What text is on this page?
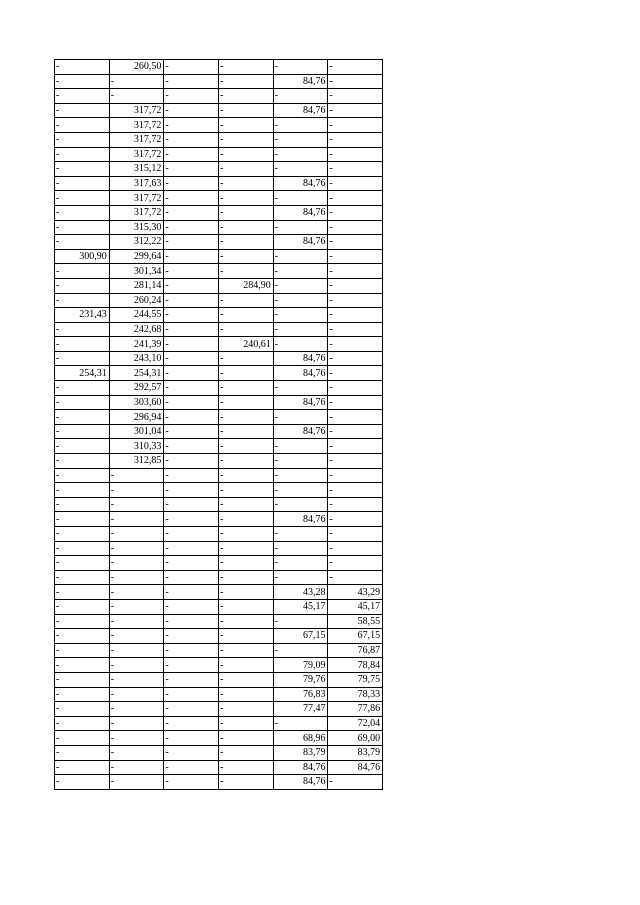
-	260,50	-	-	-	-
-	-	-	-	84,76	-
-	-	-	-	-	-
-	317,72	-	-	84,76	-
-	317,72	-	-	-	-
-	317,72	-	-	-	-
-	317,72	-	-	-	-
-	315,12	-	-	-	-
-	317,63	-	-	84,76	-
-	317,72	-	-	-	-
-	317,72	-	-	84,76	-
-	315,30	-	-	-	-
-	312,22	-	-	84,76	-
300,90	299,64	-	-	-	-
-	301,34	-	-	-	-
-	281,14	-	284,90	-	-
-	260,24	-	-	-	-
231,43	244,55	-	-	-	-
-	242,68	-	-	-	-
-	241,39	-	240,61	-	-
-	243,10	-	-	84,76	-
254,31	254,31	-	-	84,76	-
-	292,57	-	-	-	-
-	303,60	-	-	84,76	-
-	296,94	-	-	-	-
-	301,04	-	-	84,76	-
-	310,33	-	-	-	-
-	312,85	-	-	-	-
-	-	-	-	-	-
-	-	-	-	-	-
-	-	-	-	-	-
-	-	-	-	84,76	-
-	-	-	-	-	-
-	-	-	-	-	-
-	-	-	-	-	-
-	-	-	-	-	-
-	-	-	-	43,28	43,29
-	-	-	-	45,17	45,17
-	-	-	-	-	58,55
-	-	-	-	67,15	67,15
-	-	-	-	-	76,87
-	-	-	-	79,09	78,84
-	-	-	-	79,76	79,75
-	-	-	-	76,83	78,33
-	-	-	-	77,47	77,86
-	-	-	-	-	72,04
-	-	-	-	68,96	69,00
-	-	-	-	83,79	83,79
-	-	-	-	84,76	84,76
-	-	-	-	84,76	-
